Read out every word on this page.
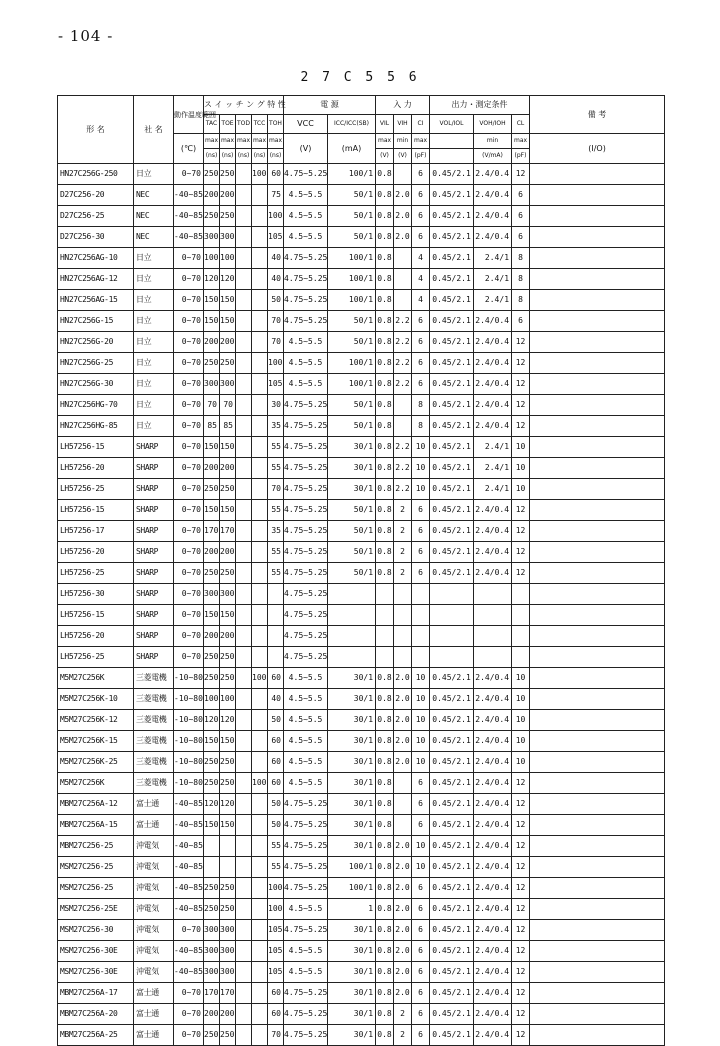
- 104 -
2 7 C 5 5 6
形 名	社 名	動作温度範囲	ス イ ッ チ ン グ 特 性					電 源		入 力			出力・測定条件			備 考
			TAC	TOE	TOD	TCC	TOH	VCC	ICC/ICC(SB)	VIL	VIH	CI	VOL/IOL	VOH/IOH	CL	
		(℃)	max	max	max	max	max	(V)	(mA)	max	min	max		min	max	(Ⅰ/O)
			(ns)	(ns)	(ns)	(ns)	(ns)			(V)	(V)	(pF)		(V/mA)	(pF)	
HN27C256G-250	日立	0~70	250	250		100	60	4.75~5.25	100/1	0.8		6	0.45/2.1	2.4/0.4	12	
D27C256-20	NEC	-40~85	200	200			75	4.5~5.5	50/1	0.8	2.0	6	0.45/2.1	2.4/0.4	6	
D27C256-25	NEC	-40~85	250	250			100	4.5~5.5	50/1	0.8	2.0	6	0.45/2.1	2.4/0.4	6	
D27C256-30	NEC	-40~85	300	300			105	4.5~5.5	50/1	0.8	2.0	6	0.45/2.1	2.4/0.4	6	
HN27C256AG-10	日立	0~70	100	100			40	4.75~5.25	100/1	0.8		4	0.45/2.1	2.4/1	8	
HN27C256AG-12	日立	0~70	120	120			40	4.75~5.25	100/1	0.8		4	0.45/2.1	2.4/1	8	
HN27C256AG-15	日立	0~70	150	150			50	4.75~5.25	100/1	0.8		4	0.45/2.1	2.4/1	8	
HN27C256G-15	日立	0~70	150	150			70	4.75~5.25	50/1	0.8	2.2	6	0.45/2.1	2.4/0.4	6	
HN27C256G-20	日立	0~70	200	200			70	4.5~5.5	50/1	0.8	2.2	6	0.45/2.1	2.4/0.4	12	
HN27C256G-25	日立	0~70	250	250			100	4.5~5.5	100/1	0.8	2.2	6	0.45/2.1	2.4/0.4	12	
HN27C256G-30	日立	0~70	300	300			105	4.5~5.5	100/1	0.8	2.2	6	0.45/2.1	2.4/0.4	12	
HN27C256HG-70	日立	0~70	70	70			30	4.75~5.25	50/1	0.8		8	0.45/2.1	2.4/0.4	12	
HN27C256HG-85	日立	0~70	85	85			35	4.75~5.25	50/1	0.8		8	0.45/2.1	2.4/0.4	12	
LH57256-15	SHARP	0~70	150	150			55	4.75~5.25	30/1	0.8	2.2	10	0.45/2.1	2.4/1	10	
LH57256-20	SHARP	0~70	200	200			55	4.75~5.25	30/1	0.8	2.2	10	0.45/2.1	2.4/1	10	
LH57256-25	SHARP	0~70	250	250			70	4.75~5.25	30/1	0.8	2.2	10	0.45/2.1	2.4/1	10	
LH57256-15	SHARP	0~70	150	150			55	4.75~5.25	50/1	0.8	2	6	0.45/2.1	2.4/0.4	12	
LH57256-17	SHARP	0~70	170	170			35	4.75~5.25	50/1	0.8	2	6	0.45/2.1	2.4/0.4	12	
LH57256-20	SHARP	0~70	200	200			55	4.75~5.25	50/1	0.8	2	6	0.45/2.1	2.4/0.4	12	
LH57256-25	SHARP	0~70	250	250			55	4.75~5.25	50/1	0.8	2	6	0.45/2.1	2.4/0.4	12	
LH57256-30	SHARP	0~70	300	300				4.75~5.25								
LH57256-15	SHARP	0~70	150	150				4.75~5.25								
LH57256-20	SHARP	0~70	200	200				4.75~5.25								
LH57256-25	SHARP	0~70	250	250				4.75~5.25								
M5M27C256K	三菱電機	-10~80	250	250		100	60	4.5~5.5	30/1	0.8	2.0	10	0.45/2.1	2.4/0.4	10	
M5M27C256K-10	三菱電機	-10~80	100	100			40	4.5~5.5	30/1	0.8	2.0	10	0.45/2.1	2.4/0.4	10	
M5M27C256K-12	三菱電機	-10~80	120	120			50	4.5~5.5	30/1	0.8	2.0	10	0.45/2.1	2.4/0.4	10	
M5M27C256K-15	三菱電機	-10~80	150	150			60	4.5~5.5	30/1	0.8	2.0	10	0.45/2.1	2.4/0.4	10	
M5M27C256K-25	三菱電機	-10~80	250	250			60	4.5~5.5	30/1	0.8	2.0	10	0.45/2.1	2.4/0.4	10	
M5M27C256K	三菱電機	-10~80	250	250		100	60	4.5~5.5	30/1	0.8		6	0.45/2.1	2.4/0.4	12	
MBM27C256A-12	富士通	-40~85	120	120			50	4.75~5.25	30/1	0.8		6	0.45/2.1	2.4/0.4	12	
MBM27C256A-15	富士通	-40~85	150	150			50	4.75~5.25	30/1	0.8		6	0.45/2.1	2.4/0.4	12	
MBM27C256-25	沖電気	-40~85					55	4.75~5.25	30/1	0.8	2.0	10	0.45/2.1	2.4/0.4	12	
MSM27C256-25	沖電気	-40~85					55	4.75~5.25	100/1	0.8	2.0	10	0.45/2.1	2.4/0.4	12	
MSM27C256-25	沖電気	-40~85	250	250			100	4.75~5.25	100/1	0.8	2.0	6	0.45/2.1	2.4/0.4	12	
MSM27C256-25E	沖電気	-40~85	250	250			100	4.5~5.5	1	0.8	2.0	6	0.45/2.1	2.4/0.4	12	
MSM27C256-30	沖電気	0~70	300	300			105	4.75~5.25	30/1	0.8	2.0	6	0.45/2.1	2.4/0.4	12	
MSM27C256-30E	沖電気	-40~85	300	300			105	4.5~5.5	30/1	0.8	2.0	6	0.45/2.1	2.4/0.4	12	
MSM27C256-30E	沖電気	-40~85	300	300			105	4.5~5.5	30/1	0.8	2.0	6	0.45/2.1	2.4/0.4	12	
MBM27C256A-17	富士通	0~70	170	170			60	4.75~5.25	30/1	0.8	2.0	6	0.45/2.1	2.4/0.4	12	
MBM27C256A-20	富士通	0~70	200	200			60	4.75~5.25	30/1	0.8	2	6	0.45/2.1	2.4/0.4	12	
MBM27C256A-25	富士通	0~70	250	250			70	4.75~5.25	30/1	0.8	2	6	0.45/2.1	2.4/0.4	12	
